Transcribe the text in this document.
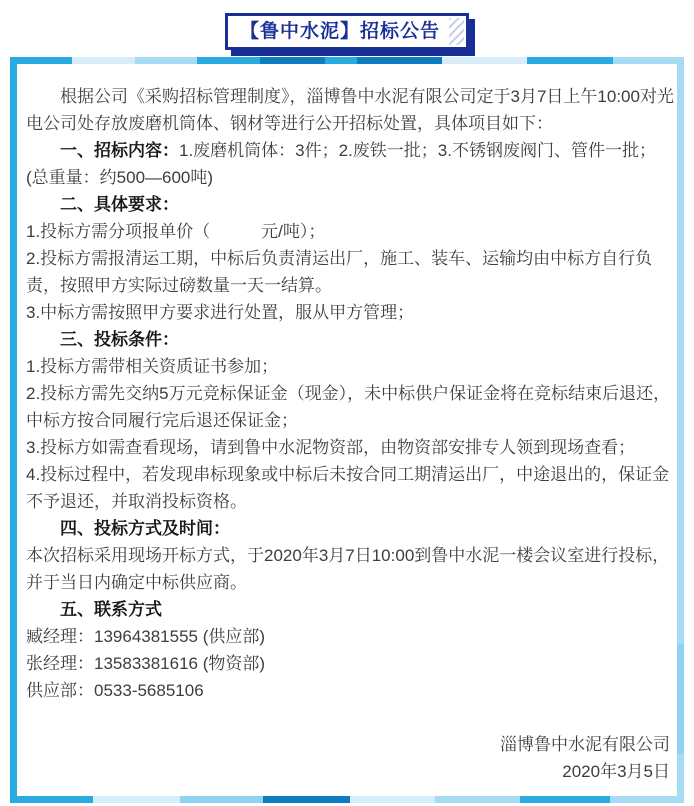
【鲁中水泥】招标公告
根据公司《采购招标管理制度》，淄博鲁中水泥有限公司定于3月7日上午10:00对光
电公司处存放废磨机筒体、钢材等进行公开招标处置，具体项目如下：
一、招标内容：1.废磨机筒体：3件；2.废铁一批；3.不锈钢废阀门、管件一批；
(总重量：约500—600吨)
二、具体要求：
1.投标方需分项报单价（　　　元/吨）；
2.投标方需报清运工期，中标后负责清运出厂，施工、装车、运输均由中标方自行负
责，按照甲方实际过磅数量一天一结算。
3.中标方需按照甲方要求进行处置，服从甲方管理；
三、投标条件：
1.投标方需带相关资质证书参加；
2.投标方需先交纳5万元竞标保证金（现金），未中标供户保证金将在竞标结束后退还，
中标方按合同履行完后退还保证金；
3.投标方如需查看现场，请到鲁中水泥物资部，由物资部安排专人领到现场查看；
4.投标过程中，若发现串标现象或中标后未按合同工期清运出厂，中途退出的，保证金
不予退还，并取消投标资格。
四、投标方式及时间：
本次招标采用现场开标方式，于2020年3月7日10:00到鲁中水泥一楼会议室进行投标，
并于当日内确定中标供应商。
五、联系方式
臧经理：13964381555 (供应部)
张经理：13583381616 (物资部)
供应部：0533-5685106
淄博鲁中水泥有限公司
2020年3月5日
